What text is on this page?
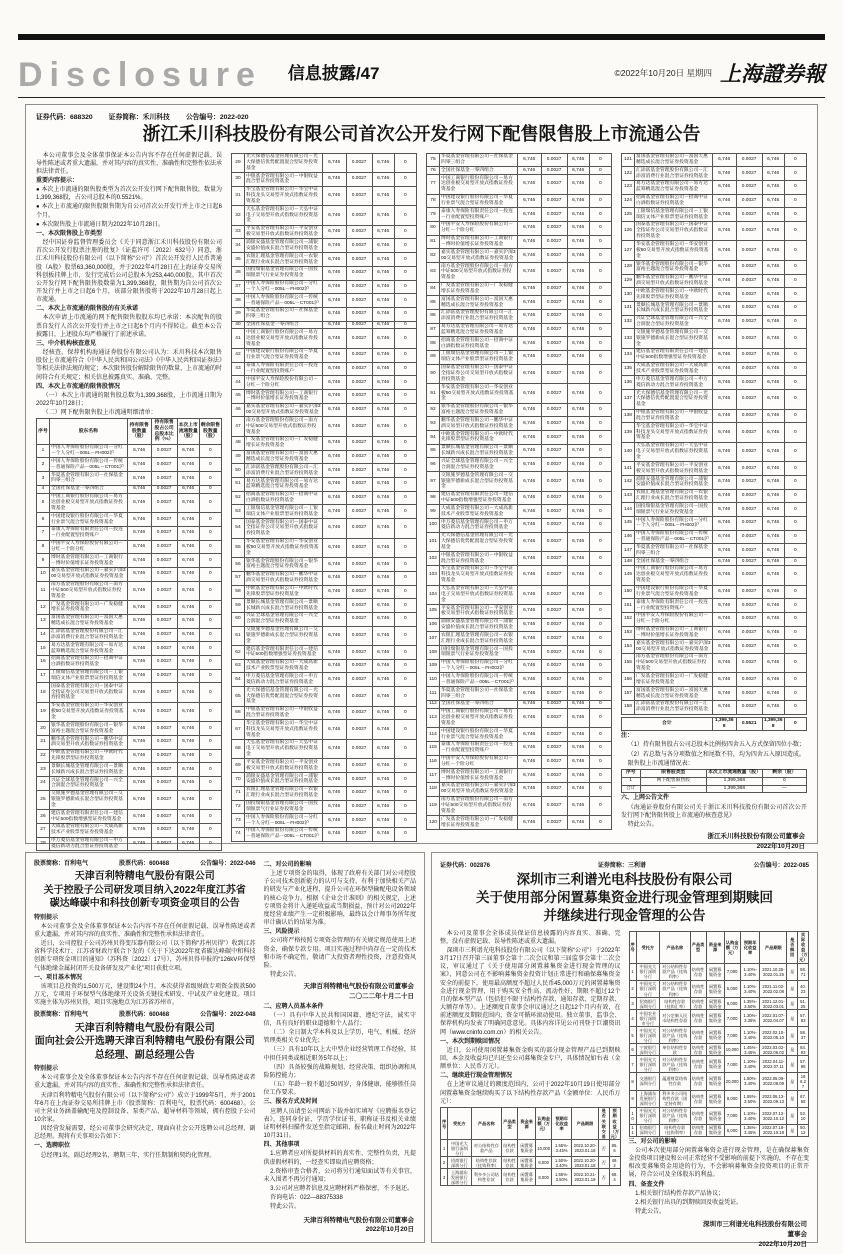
Disclosure 信息披露/47	©2022年10月20日 星期四 上海證券報

证券代码：688320 证券简称：禾川科技 公告编号：2022-020

浙江禾川科技股份有限公司首次公开发行网下配售限售股上市流通公告

本公司董事会及全体董事保证本公告内容不存在任何虚假记载、误导性陈述或者重大遗漏，并对其内容的真实性、准确性和完整性依法承担法律责任。

重要内容提示：

● 本次上市流通的限售股类型为首次公开发行网下配售限售股，数量为1,399,368股，占公司总股本的0.5521%。

● 本次上市流通的限售股限售期为自公司首次公开发行并上市之日起6个月。

● 本次限售股上市流通日期为2022年10月28日。

一、本次限售股上市类型

经中国证券监督管理委员会《关于同意浙江禾川科技股份有限公司首次公开发行股票注册的批复》（证监许可〔2022〕632号）同意，浙江禾川科技股份有限公司（以下简称“公司”）首次公开发行人民币普通股（A股）股票63,360,000股，并于2022年4月28日在上海证券交易所科创板挂牌上市，发行完成后公司总股本为253,440,000股。其中首次公开发行网下配售限售股数量为1,399,368股，限售期为自公司首次公开发行并上市之日起6个月，该部分限售股将于2022年10月28日起上市流通。

二、本次上市流通的限售股的有关承诺

本次申请上市流通的网下配售限售股股东均已承诺：本次配售的股票自发行人首次公开发行并上市之日起6个月内不得转让。截至本公告披露日，上述股东均严格履行了前述承诺。

三、中介机构核查意见

经核查，保荐机构海通证券股份有限公司认为：禾川科技本次限售股份上市流通符合《中华人民共和国公司法》《中华人民共和国证券法》等相关法律法规的规定；本次限售股份解除限售的数量、上市流通的时间符合有关规定；相关信息披露真实、准确、完整。

四、本次上市流通的限售股情况

（一）本次上市流通的限售股总数为1,399,368股，上市流通日期为2022年10月28日；

（二）网下配售限售股上市流通明细清单：

序号	股东名称	持有限售股数量（股）	持有限售股占公司总股本比例（%）	本次上市流通数量（股）	剩余限售股数量（股）
1	中国人寿保险股份有限公司－分红－个人分红－005L－FH002沪	6,746	0.0027	6,746	0
2	中国人寿保险股份有限公司－传统－普通保险产品－005L－CT001沪	6,746	0.0027	6,746	0
3	华夏基金管理有限公司－社保基金四零三组合	6,746	0.0027	6,746	0
4	全国社保基金一零四组合	6,746	0.0027	6,746	0
5	中国工商银行股份有限公司－易方达创业板交易型开放式指数证券投资基金	6,746	0.0027	6,746	0
6	中国建设银行股份有限公司－华夏行业景气混合型证券投资基金	6,746	0.0027	6,746	0
7	泰康人寿保险有限责任公司－投连－行业配置型投资账户	6,746	0.0027	6,746	0
8	中国平安人寿保险股份有限公司－分红－个险分红	6,746	0.0027	6,746	0
9	博时基金管理有限公司－工商银行－博时价值增长证券投资基金	6,746	0.0027	6,746	0
10	嘉实基金管理有限公司－嘉实沪深300交易型开放式指数证券投资基金	6,746	0.0027	6,746	0
11	南方基金管理股份有限公司－南方中证500交易型开放式指数证券投资基金	6,746	0.0027	6,746	0
12	广发基金管理有限公司－广发稳健增长证券投资基金	6,746	0.0027	6,746	0
13	富国基金管理有限公司－富国天惠精选成长混合型证券投资基金	6,746	0.0027	6,746	0
14	汇添富基金管理股份有限公司－汇添富消费行业混合型证券投资基金	6,746	0.0027	6,746	0
15	易方达基金管理有限公司－易方达蓝筹精选混合型证券投资基金	6,746	0.0027	6,746	0
16	招商基金管理有限公司－招商中证白酒指数证券投资基金	6,746	0.0027	6,746	0
17	工银瑞信基金管理有限公司－工银瑞信文体产业股票型证券投资基金	6,746	0.0027	6,746	0
18	国泰基金管理有限公司－国泰中证全指证券公司交易型开放式指数证券投资基金	6,746	0.0027	6,746	0
19	华安基金管理有限公司－华安创业板50交易型开放式指数证券投资基金	6,746	0.0027	6,746	0
20	银华基金管理股份有限公司－银华富裕主题混合型证券投资基金	6,746	0.0027	6,746	0
21	鹏华基金管理有限公司－鹏华中证酒交易型开放式指数证券投资基金	6,746	0.0027	6,746	0
22	中欧基金管理有限公司－中欧时代先锋股票型证券投资基金	6,746	0.0027	6,746	0
23	景顺长城基金管理有限公司－景顺长城新兴成长混合型证券投资基金	6,746	0.0027	6,746	0
24	兴证全球基金管理有限公司－兴全合润混合型证券投资基金	6,746	0.0027	6,746	0
25	交银施罗德基金管理有限公司－交银施罗德新成长混合型证券投资基金	6,746	0.0027	6,746	0
26	建信基金管理有限责任公司－建信中证500指数增强型证券投资基金	6,746	0.0027	6,746	0
27	大成基金管理有限公司－大成高新技术产业股票型证券投资基金	6,746	0.0027	6,746	0
28	申万菱信基金管理有限公司－申万菱信新动力混合型证券投资基金	6,746	0.0027	6,746	0
29	光大保德信基金管理有限公司－光大保德信优势配置混合型证券投资基金	6,746	0.0027	6,746	0
30	中银基金管理有限公司－中银收益混合型证券投资基金	6,746	0.0027	6,746	0
31	华宝基金管理有限公司－华宝中证科技龙头交易型开放式指数证券投资基金	6,746	0.0027	6,746	0
32	天弘基金管理有限公司－天弘中证电子交易型开放式指数证券投资基金	6,746	0.0027	6,746	0
33	平安基金管理有限公司－平安创业板交易型开放式指数证券投资基金	6,746	0.0027	6,746	0
34	浦银安盛基金管理有限公司－浦银安盛价值成长混合型证券投资基金	6,746	0.0027	6,746	0
35	农银汇理基金管理有限公司－农银汇理行业成长混合型证券投资基金	6,746	0.0027	6,746	0
36	国投瑞银基金管理有限公司－国投瑞银景气行业证券投资基金	6,746	0.0027	6,746	0
37	中国人寿保险股份有限公司－分红－个人分红－005L－FH002沪	6,746	0.0027	6,746	0
38	中国人寿保险股份有限公司－传统－普通保险产品－005L－CT001沪	6,746	0.0027	6,746	0
39	华夏基金管理有限公司－社保基金四零三组合	6,746	0.0027	6,746	0
40	全国社保基金一零四组合	6,746	0.0027	6,746	0
41	中国工商银行股份有限公司－易方达创业板交易型开放式指数证券投资基金	6,746	0.0027	6,746	0
42	中国建设银行股份有限公司－华夏行业景气混合型证券投资基金	6,746	0.0027	6,746	0
43	泰康人寿保险有限责任公司－投连－行业配置型投资账户	6,746	0.0027	6,746	0
44	中国平安人寿保险股份有限公司－分红－个险分红	6,746	0.0027	6,746	0
45	博时基金管理有限公司－工商银行－博时价值增长证券投资基金	6,746	0.0027	6,746	0
46	嘉实基金管理有限公司－嘉实沪深300交易型开放式指数证券投资基金	6,746	0.0027	6,746	0
47	南方基金管理股份有限公司－南方中证500交易型开放式指数证券投资基金	6,746	0.0027	6,746	0
48	广发基金管理有限公司－广发稳健增长证券投资基金	6,746	0.0027	6,746	0
49	富国基金管理有限公司－富国天惠精选成长混合型证券投资基金	6,746	0.0027	6,746	0
50	汇添富基金管理股份有限公司－汇添富消费行业混合型证券投资基金	6,746	0.0027	6,746	0
51	易方达基金管理有限公司－易方达蓝筹精选混合型证券投资基金	6,746	0.0027	6,746	0
52	招商基金管理有限公司－招商中证白酒指数证券投资基金	6,746	0.0027	6,746	0
53	工银瑞信基金管理有限公司－工银瑞信文体产业股票型证券投资基金	6,746	0.0027	6,746	0
54	国泰基金管理有限公司－国泰中证全指证券公司交易型开放式指数证券投资基金	6,746	0.0027	6,746	0
55	华安基金管理有限公司－华安创业板50交易型开放式指数证券投资基金	6,746	0.0027	6,746	0
56	银华基金管理股份有限公司－银华富裕主题混合型证券投资基金	6,746	0.0027	6,746	0
57	鹏华基金管理有限公司－鹏华中证酒交易型开放式指数证券投资基金	6,746	0.0027	6,746	0
58	中欧基金管理有限公司－中欧时代先锋股票型证券投资基金	6,746	0.0027	6,746	0
59	景顺长城基金管理有限公司－景顺长城新兴成长混合型证券投资基金	6,746	0.0027	6,746	0
60	兴证全球基金管理有限公司－兴全合润混合型证券投资基金	6,746	0.0027	6,746	0
61	交银施罗德基金管理有限公司－交银施罗德新成长混合型证券投资基金	6,746	0.0027	6,746	0
62	建信基金管理有限责任公司－建信中证500指数增强型证券投资基金	6,746	0.0027	6,746	0
63	大成基金管理有限公司－大成高新技术产业股票型证券投资基金	6,746	0.0027	6,746	0
64	申万菱信基金管理有限公司－申万菱信新动力混合型证券投资基金	6,746	0.0027	6,746	0
65	光大保德信基金管理有限公司－光大保德信优势配置混合型证券投资基金	6,746	0.0027	6,746	0
66	中银基金管理有限公司－中银收益混合型证券投资基金	6,746	0.0027	6,746	0
67	华宝基金管理有限公司－华宝中证科技龙头交易型开放式指数证券投资基金	6,746	0.0027	6,746	0
68	天弘基金管理有限公司－天弘中证电子交易型开放式指数证券投资基金	6,746	0.0027	6,746	0
69	平安基金管理有限公司－平安创业板交易型开放式指数证券投资基金	6,746	0.0027	6,746	0
70	浦银安盛基金管理有限公司－浦银安盛价值成长混合型证券投资基金	6,746	0.0027	6,746	0
71	农银汇理基金管理有限公司－农银汇理行业成长混合型证券投资基金	6,746	0.0027	6,746	0
72	国投瑞银基金管理有限公司－国投瑞银景气行业证券投资基金	6,746	0.0027	6,746	0
73	中国人寿保险股份有限公司－分红－个人分红－005L－FH002沪	6,746	0.0027	6,746	0
74	中国人寿保险股份有限公司－传统－普通保险产品－005L－CT001沪	6,746	0.0027	6,746	0
75	华夏基金管理有限公司－社保基金四零三组合	6,746	0.0027	6,746	0
76	全国社保基金一零四组合	6,746	0.0027	6,746	0
77	中国工商银行股份有限公司－易方达创业板交易型开放式指数证券投资基金	6,746	0.0027	6,746	0
78	中国建设银行股份有限公司－华夏行业景气混合型证券投资基金	6,746	0.0027	6,746	0
79	泰康人寿保险有限责任公司－投连－行业配置型投资账户	6,746	0.0027	6,746	0
80	中国平安人寿保险股份有限公司－分红－个险分红	6,746	0.0027	6,746	0
81	博时基金管理有限公司－工商银行－博时价值增长证券投资基金	6,746	0.0027	6,746	0
82	嘉实基金管理有限公司－嘉实沪深300交易型开放式指数证券投资基金	6,746	0.0027	6,746	0
83	南方基金管理股份有限公司－南方中证500交易型开放式指数证券投资基金	6,746	0.0027	6,746	0
84	广发基金管理有限公司－广发稳健增长证券投资基金	6,746	0.0027	6,746	0
85	富国基金管理有限公司－富国天惠精选成长混合型证券投资基金	6,746	0.0027	6,746	0
86	汇添富基金管理股份有限公司－汇添富消费行业混合型证券投资基金	6,746	0.0027	6,746	0
87	易方达基金管理有限公司－易方达蓝筹精选混合型证券投资基金	6,746	0.0027	6,746	0
88	招商基金管理有限公司－招商中证白酒指数证券投资基金	6,746	0.0027	6,746	0
89	工银瑞信基金管理有限公司－工银瑞信文体产业股票型证券投资基金	6,746	0.0027	6,746	0
90	国泰基金管理有限公司－国泰中证全指证券公司交易型开放式指数证券投资基金	6,746	0.0027	6,746	0
91	华安基金管理有限公司－华安创业板50交易型开放式指数证券投资基金	6,746	0.0027	6,746	0
92	银华基金管理股份有限公司－银华富裕主题混合型证券投资基金	6,746	0.0027	6,746	0
93	鹏华基金管理有限公司－鹏华中证酒交易型开放式指数证券投资基金	6,746	0.0027	6,746	0
94	中欧基金管理有限公司－中欧时代先锋股票型证券投资基金	6,746	0.0027	6,746	0
95	景顺长城基金管理有限公司－景顺长城新兴成长混合型证券投资基金	6,746	0.0027	6,746	0
96	兴证全球基金管理有限公司－兴全合润混合型证券投资基金	6,746	0.0027	6,746	0
97	交银施罗德基金管理有限公司－交银施罗德新成长混合型证券投资基金	6,746	0.0027	6,746	0
98	建信基金管理有限责任公司－建信中证500指数增强型证券投资基金	6,746	0.0027	6,746	0
99	大成基金管理有限公司－大成高新技术产业股票型证券投资基金	6,746	0.0027	6,746	0
100	申万菱信基金管理有限公司－申万菱信新动力混合型证券投资基金	6,746	0.0027	6,746	0
101	光大保德信基金管理有限公司－光大保德信优势配置混合型证券投资基金	6,746	0.0027	6,746	0
102	中银基金管理有限公司－中银收益混合型证券投资基金	6,746	0.0027	6,746	0
103	华宝基金管理有限公司－华宝中证科技龙头交易型开放式指数证券投资基金	6,746	0.0027	6,746	0
104	天弘基金管理有限公司－天弘中证电子交易型开放式指数证券投资基金	6,746	0.0027	6,746	0
105	平安基金管理有限公司－平安创业板交易型开放式指数证券投资基金	6,746	0.0027	6,746	0
106	浦银安盛基金管理有限公司－浦银安盛价值成长混合型证券投资基金	6,746	0.0027	6,746	0
107	农银汇理基金管理有限公司－农银汇理行业成长混合型证券投资基金	6,746	0.0027	6,746	0
108	国投瑞银基金管理有限公司－国投瑞银景气行业证券投资基金	6,746	0.0027	6,746	0
109	中国人寿保险股份有限公司－分红－个人分红－005L－FH002沪	6,746	0.0027	6,746	0
110	中国人寿保险股份有限公司－传统－普通保险产品－005L－CT001沪	6,746	0.0027	6,746	0
111	华夏基金管理有限公司－社保基金四零三组合	6,746	0.0027	6,746	0
112	全国社保基金一零四组合	6,746	0.0027	6,746	0
113	中国工商银行股份有限公司－易方达创业板交易型开放式指数证券投资基金	6,746	0.0027	6,746	0
114	中国建设银行股份有限公司－华夏行业景气混合型证券投资基金	6,746	0.0027	6,746	0
115	泰康人寿保险有限责任公司－投连－行业配置型投资账户	6,746	0.0027	6,746	0
116	中国平安人寿保险股份有限公司－分红－个险分红	6,746	0.0027	6,746	0
117	博时基金管理有限公司－工商银行－博时价值增长证券投资基金	6,746	0.0027	6,746	0
118	嘉实基金管理有限公司－嘉实沪深300交易型开放式指数证券投资基金	6,746	0.0027	6,746	0
119	南方基金管理股份有限公司－南方中证500交易型开放式指数证券投资基金	6,746	0.0027	6,746	0
120	广发基金管理有限公司－广发稳健增长证券投资基金	6,746	0.0027	6,746	0
121	富国基金管理有限公司－富国天惠精选成长混合型证券投资基金	6,746	0.0027	6,746	0
122	汇添富基金管理股份有限公司－汇添富消费行业混合型证券投资基金	6,746	0.0027	6,746	0
123	易方达基金管理有限公司－易方达蓝筹精选混合型证券投资基金	6,746	0.0027	6,746	0
124	招商基金管理有限公司－招商中证白酒指数证券投资基金	6,746	0.0027	6,746	0
125	工银瑞信基金管理有限公司－工银瑞信文体产业股票型证券投资基金	6,746	0.0027	6,746	0
126	国泰基金管理有限公司－国泰中证全指证券公司交易型开放式指数证券投资基金	6,746	0.0027	6,746	0
127	华安基金管理有限公司－华安创业板50交易型开放式指数证券投资基金	6,746	0.0027	6,746	0
128	银华基金管理股份有限公司－银华富裕主题混合型证券投资基金	6,746	0.0027	6,746	0
129	鹏华基金管理有限公司－鹏华中证酒交易型开放式指数证券投资基金	6,746	0.0027	6,746	0
130	中欧基金管理有限公司－中欧时代先锋股票型证券投资基金	6,746	0.0027	6,746	0
131	景顺长城基金管理有限公司－景顺长城新兴成长混合型证券投资基金	6,746	0.0027	6,746	0
132	兴证全球基金管理有限公司－兴全合润混合型证券投资基金	6,746	0.0027	6,746	0
133	交银施罗德基金管理有限公司－交银施罗德新成长混合型证券投资基金	6,746	0.0027	6,746	0
134	建信基金管理有限责任公司－建信中证500指数增强型证券投资基金	6,746	0.0027	6,746	0
135	大成基金管理有限公司－大成高新技术产业股票型证券投资基金	6,746	0.0027	6,746	0
136	申万菱信基金管理有限公司－申万菱信新动力混合型证券投资基金	6,746	0.0027	6,746	0
137	光大保德信基金管理有限公司－光大保德信优势配置混合型证券投资基金	6,746	0.0027	6,746	0
138	中银基金管理有限公司－中银收益混合型证券投资基金	6,746	0.0027	6,746	0
139	华宝基金管理有限公司－华宝中证科技龙头交易型开放式指数证券投资基金	6,746	0.0027	6,746	0
140	天弘基金管理有限公司－天弘中证电子交易型开放式指数证券投资基金	6,746	0.0027	6,746	0
141	平安基金管理有限公司－平安创业板交易型开放式指数证券投资基金	6,746	0.0027	6,746	0
142	浦银安盛基金管理有限公司－浦银安盛价值成长混合型证券投资基金	6,746	0.0027	6,746	0
143	农银汇理基金管理有限公司－农银汇理行业成长混合型证券投资基金	6,746	0.0027	6,746	0
144	国投瑞银基金管理有限公司－国投瑞银景气行业证券投资基金	6,746	0.0027	6,746	0
145	中国人寿保险股份有限公司－分红－个人分红－005L－FH002沪	6,746	0.0027	6,746	0
146	中国人寿保险股份有限公司－传统－普通保险产品－005L－CT001沪	6,746	0.0027	6,746	0
147	华夏基金管理有限公司－社保基金四零三组合	6,746	0.0027	6,746	0
148	全国社保基金一零四组合	6,746	0.0027	6,746	0
149	中国工商银行股份有限公司－易方达创业板交易型开放式指数证券投资基金	6,746	0.0027	6,746	0
150	中国建设银行股份有限公司－华夏行业景气混合型证券投资基金	6,746	0.0027	6,746	0
151	泰康人寿保险有限责任公司－投连－行业配置型投资账户	6,746	0.0027	6,746	0
152	中国平安人寿保险股份有限公司－分红－个险分红	6,746	0.0027	6,746	0
153	博时基金管理有限公司－工商银行－博时价值增长证券投资基金	6,746	0.0027	6,746	0
154	嘉实基金管理有限公司－嘉实沪深300交易型开放式指数证券投资基金	6,746	0.0027	6,746	0
155	南方基金管理股份有限公司－南方中证500交易型开放式指数证券投资基金	6,746	0.0027	6,746	0
156	广发基金管理有限公司－广发稳健增长证券投资基金	6,746	0.0027	6,746	0
157	富国基金管理有限公司－富国天惠精选成长混合型证券投资基金	6,746	0.0027	6,746	0
158	汇添富基金管理股份有限公司－汇添富消费行业混合型证券投资基金	6,746	0.0027	6,746	0
合计	1,399,368	0.5521	1,399,368	0

注：

（1）持有限售股占公司总股本比例按四舍五入方式保留四位小数；

（2）若总数与各分项数值之和尾数不符，均为四舍五入原因造成。

限售股上市流通情况表：

序号	限售股类型	本次上市流通数量（股）	剩余（股）
1	网下配售限售股	1,399,368	0
合计	—	1,399,368	—

六、上网公告文件

《海通证券股份有限公司关于浙江禾川科技股份有限公司首次公开发行网下配售限售股上市流通的核查意见》

特此公告。

浙江禾川科技股份有限公司董事会
2022年10月20日

股票简称：百利电气	股票代码：600468	公告编号：2022-046

天津百利特精电气股份有限公司

关于控股子公司研发项目纳入2022年度江苏省

碳达峰碳中和科技创新专项资金项目的公告

特别提示

本公司董事会及全体董事保证本公告内容不存在任何虚假记载、误导性陈述或者重大遗漏，并对其内容的真实性、准确性和完整性承担法律责任。

近日，公司控股子公司苏州贝得变压器有限公司（以下简称“苏州贝得”）收到江苏省科学技术厅、江苏省财政厅联合下发的《关于下达2022年度省碳达峰碳中和科技创新专项资金项目的通知》（苏科资〔2022〕17号），苏州贝得申报的“126kV环保型气体绝缘金属封闭开关设备研发及产业化”项目获批立项。

一、项目基本情况

该项目总投资约1,500万元，建设期24个月，本次获得省级财政专项资金拨款500万元，专项用于环保型气体绝缘开关设备关键技术研发、中试及产业化建设。项目实施主体为苏州贝得，项目实施地点为江苏省苏州市。

股票简称：百利电气	股票代码：600468	公告编号：2022-048

天津百利特精电气股份有限公司

面向社会公开选聘天津百利特精电气股份有限公司

总经理、副总经理公告

特别提示

本公司董事会及全体董事保证本公告内容不存在任何虚假记载、误导性陈述或者重大遗漏，并对其内容的真实性、准确性和完整性承担法律责任。

天津百利特精电气股份有限公司（以下简称“公司”）成立于1999年5月，并于2001年6月在上海证券交易所挂牌上市（股票简称：百利电气，股票代码：600468）。公司主营业务涵盖输配电及控制设备、泵类产品、超导材料等领域，拥有控股子公司10余家。

因经营发展需要，经公司董事会研究决定，现面向社会公开选聘公司总经理、副总经理。现将有关事项公告如下：

一、选聘职位

总经理1名，副总经理2名，聘期三年，实行任期制和契约化管理。

二、对公司的影响

上述专项资金的取得，体现了政府有关部门对公司控股子公司技术创新能力的认可与支持，有利于加快相关产品的研发与产业化进程，提升公司在环保型输配电设备领域的核心竞争力。根据《企业会计准则》的相关规定，上述专项资金将计入递延收益或当期损益，预计对公司2022年度经营业绩产生一定积极影响，最终以会计师事务所年度审计确认后的结果为准。

三、风险提示

公司将严格按照专项资金管理的有关规定规范使用上述资金，确保专款专用。项目实施过程中尚存在一定的技术和市场不确定性，敬请广大投资者理性投资，注意投资风险。

特此公告。

天津百利特精电气股份有限公司董事会
二〇二二年十月二十日

二、应聘人员基本条件

（一）具有中华人民共和国国籍，遵纪守法，诚实守信，具有良好的职业道德和个人品行；

（二）全日制大学本科及以上学历，电气、机械、经济管理类相关专业优先；

（三）具有10年以上大中型企业经营管理工作经验，其中担任同类或相近职务5年以上；

（四）具备较强的战略规划、经营决策、组织协调和风险防控能力；

（五）年龄一般不超过50周岁，身体健康，能够胜任岗位工作要求。

三、报名方式及时间

应聘人员请至公司网站下载并如实填写《应聘报名登记表》，连同身份证、学历学位证书、职称证书及相关业绩证明材料扫描件发送至指定邮箱，报名截止时间为2022年10月31日。

四、其他事项

1.应聘者应对所提供材料的真实性、完整性负责，凡提供虚假材料的，一经查实即取消应聘资格；

2.资格审查合格者，公司将另行通知面试等有关事宜，未入围者不再另行通知；

3.公司对应聘者信息及应聘材料严格保密，不予退还。

咨询电话：022—88375338

特此公告。

天津百利特精电气股份有限公司董事会
2022年10月20日

证券代码：002876	证券简称：三利谱	公告编号：2022-085

深圳市三利谱光电科技股份有限公司

关于使用部分闲置募集资金进行现金管理到期赎回

并继续进行现金管理的公告

本公司及董事会全体成员保证信息披露的内容真实、准确、完整，没有虚假记载、误导性陈述或重大遗漏。

深圳市三利谱光电科技股份有限公司（以下简称“公司”）于2022年3月17日召开第三届董事会第十二次会议和第三届监事会第十二次会议，审议通过了《关于使用部分闲置募集资金进行现金管理的议案》，同意公司在不影响募集资金投资计划正常进行和确保募集资金安全的前提下，使用最高额度不超过人民币45,000万元的闲置募集资金进行现金管理，用于购买安全性高、流动性好、期限不超过12个月的保本型产品（包括但不限于结构性存款、通知存款、定期存款、大额存单等）。上述额度自董事会审议通过之日起12个月内有效，在前述额度及期限范围内，资金可循环滚动使用。独立董事、监事会、保荐机构均发表了明确同意意见。具体内容详见公司刊登于巨潮资讯网（www.cninfo.com.cn）的相关公告。

一、本次到期赎回情况

近日，公司使用闲置募集资金购买的部分现金管理产品已到期赎回，本金及收益均已归还至公司募集资金专户，具体情况如右表（金额单位：人民币万元）。

二、继续进行现金管理情况

在上述审议通过的额度范围内，公司于2022年10月19日使用部分闲置募集资金继续购买了以下结构性存款产品（金额单位：人民币万元）：

序号	受托方	产品名称	产品类型	资金来源	认购金额（万元）	预期年化收益率	产品期限	是否关联交易	预期收益（万元）
1	中国光大银行深圳分行	对公结构性存款产品	结构性存款	闲置募集资金	10,000	1.55%-3.45%	2022.10.20-2023.01.18	否	85.6
2	招商银行深圳分行	结构性存款（挂钩利率）	结构性存款	闲置募集资金	6,000	1.50%-3.40%	2022.10.20-2023.01.18	否	49.2
3	上海浦东发展银行深圳分行	利多多公司结构性存款	结构性存款	闲置募集资金	8,000	1.55%-3.50%	2022.10.21-2023.01.19	否	68.4
序号	受托方	产品名称	产品类型	资金来源	认购金额（万元）	预期年化收益率	产品期限	是否赎回	实际收益（万元）
1	中国光大银行深圳分行	对公结构性存款产品（挂钩利率）	结构性存款	闲置募集资金	7,000	1.10%-3.40%	2021.10.25-2022.01.25	是	58.71
2	中国光大银行深圳分行	对公结构性存款产品（挂钩利率）	结构性存款	闲置募集资金	5,000	1.10%-3.40%	2021.11.02-2022.02.08	是	40.23
3	招商银行深圳分行	结构性存款（挂钩汇率）	结构性存款	闲置募集资金	6,000	1.35%-3.50%	2021.12.01-2022.03.01	是	51.25
4	中国农业银行深圳市分行	对公定制人民币结构性存款	结构性存款	闲置募集资金	7,000	1.30%-3.35%	2022.01.07-2022.04.07	是	57.83
5	中国光大银行深圳分行	对公结构性存款产品（挂钩利率）	结构性存款	闲置募集资金	7,000	1.10%-3.40%	2022.02.10-2022.05.10	是	58.37
6	宁波银行深圳分行	单位结构性存款	结构性存款	闲置募集资金	10,000	1.45%-3.45%	2022.03.02-2022.06.02	是	84.93
7	中国光大银行深圳分行	对公结构性存款产品（挂钩利率）	结构性存款	闲置募集资金	7,000	1.10%-3.40%	2022.04.11-2022.07.11	是	57.95
8	交通银行深圳分行	蕴通财富结构性存款	结构性存款	闲置募集资金	20,000	1.50%-3.40%	2022.05.09-2022.08.09	是	166.27
9	上海浦东发展银行深圳分行	利多多公司结构性存款（固定持有期）	结构性存款	闲置募集资金	8,000	1.55%-3.50%	2022.06.13-2022.09.13	是	67.58
10	中国光大银行深圳分行	对公结构性存款产品（挂钩利率）	结构性存款	闲置募集资金	7,000	1.10%-3.40%	2022.07.12-2022.10.12	是	53.10
11	招商银行深圳分行	结构性存款（挂钩利率）	结构性存款	闲置募集资金	6,000	1.35%-3.45%	2022.07.18-2022.10.18	是	50.12

三、对公司的影响

公司本次使用部分闲置募集资金进行现金管理，是在确保募集资金投资项目建设和公司正常经营不受影响的前提下实施的，不存在变相改变募集资金用途的行为，不会影响募集资金投资项目的正常开展，符合公司及全体股东的利益。

四、备查文件

1.相关银行结构性存款产品协议；

2.相关银行出具的到期赎回及收益凭证。

特此公告。

深圳市三利谱光电科技股份有限公司
董事会
2022年10月20日
